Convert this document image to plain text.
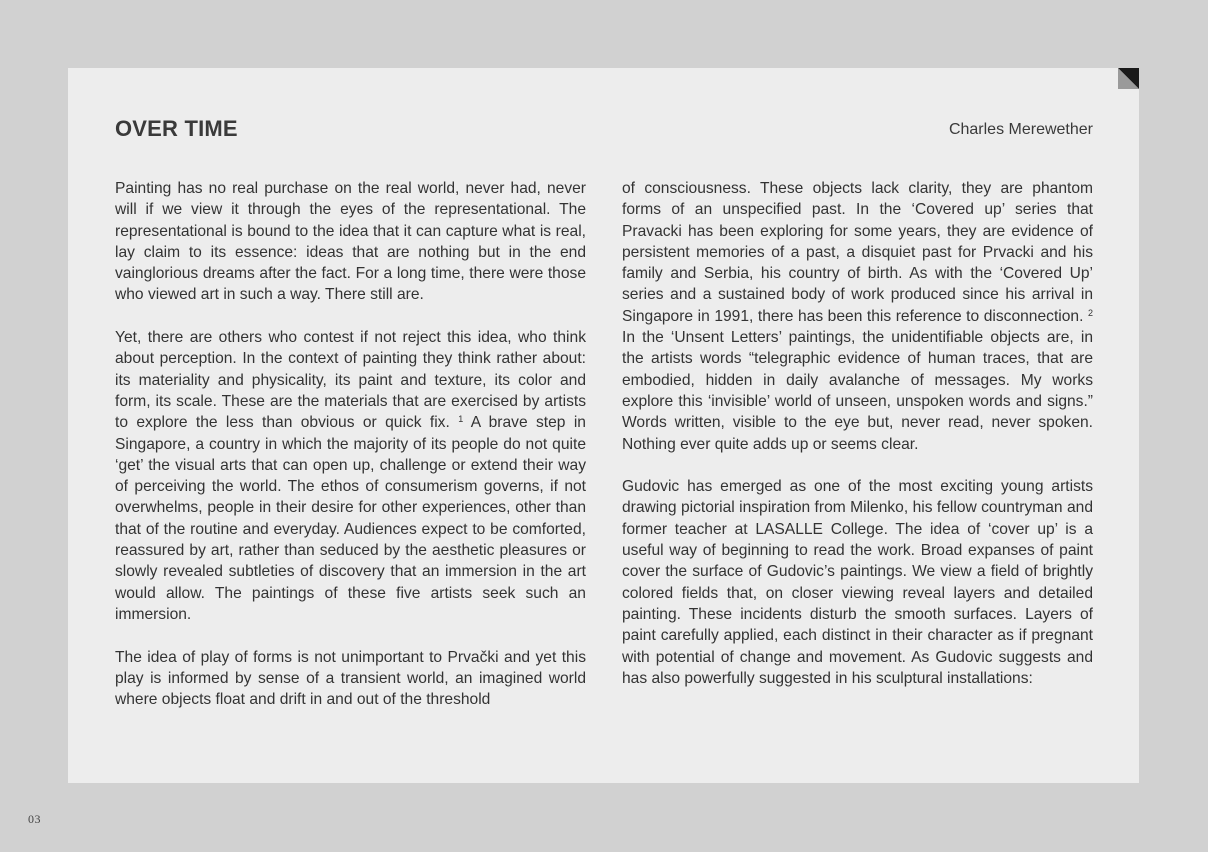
OVER TIME	Charles Merewether

Painting has no real purchase on the real world, never had, never will if we view it through the eyes of the representational. The representational is bound to the idea that it can capture what is real, lay claim to its essence: ideas that are nothing but in the end vainglorious dreams after the fact. For a long time, there were those who viewed art in such a way. There still are.

Yet, there are others who contest if not reject this idea, who think about perception. In the context of painting they think rather about: its materiality and physicality, its paint and texture, its color and form, its scale. These are the materials that are exercised by artists to explore the less than obvious or quick fix. $^1$ A brave step in Singapore, a country in which the majority of its people do not quite ‘get’ the visual arts that can open up, challenge or extend their way of perceiving the world. The ethos of consumerism governs, if not overwhelms, people in their desire for other experiences, other than that of the routine and everyday. Audiences expect to be comforted, reassured by art, rather than seduced by the aesthetic pleasures or slowly revealed subtleties of discovery that an immersion in the art would allow. The paintings of these five artists seek such an immersion.

The idea of play of forms is not unimportant to Prvački and yet this play is informed by sense of a transient world, an imagined world where objects float and drift in and out of the threshold

of consciousness. These objects lack clarity, they are phantom forms of an unspecified past. In the ‘Covered up’ series that Pravacki has been exploring for some years, they are evidence of persistent memories of a past, a disquiet past for Prvacki and his family and Serbia, his country of birth. As with the ‘Covered Up’ series and a sustained body of work produced since his arrival in Singapore in 1991, there has been this reference to disconnection. $^2$ In the ‘Unsent Letters’ paintings, the unidentifiable objects are, in the artists words “telegraphic evidence of human traces, that are embodied, hidden in daily avalanche of messages. My works explore this ‘invisible’ world of unseen, unspoken words and signs.” Words written, visible to the eye but, never read, never spoken. Nothing ever quite adds up or seems clear.

Gudovic has emerged as one of the most exciting young artists drawing pictorial inspiration from Milenko, his fellow countryman and former teacher at LASALLE College. The idea of ‘cover up’ is a useful way of beginning to read the work. Broad expanses of paint cover the surface of Gudovic’s paintings. We view a field of brightly colored fields that, on closer viewing reveal layers and detailed painting. These incidents disturb the smooth surfaces. Layers of paint carefully applied, each distinct in their character as if pregnant with potential of change and movement. As Gudovic suggests and has also powerfully suggested in his sculptural installations:

03
